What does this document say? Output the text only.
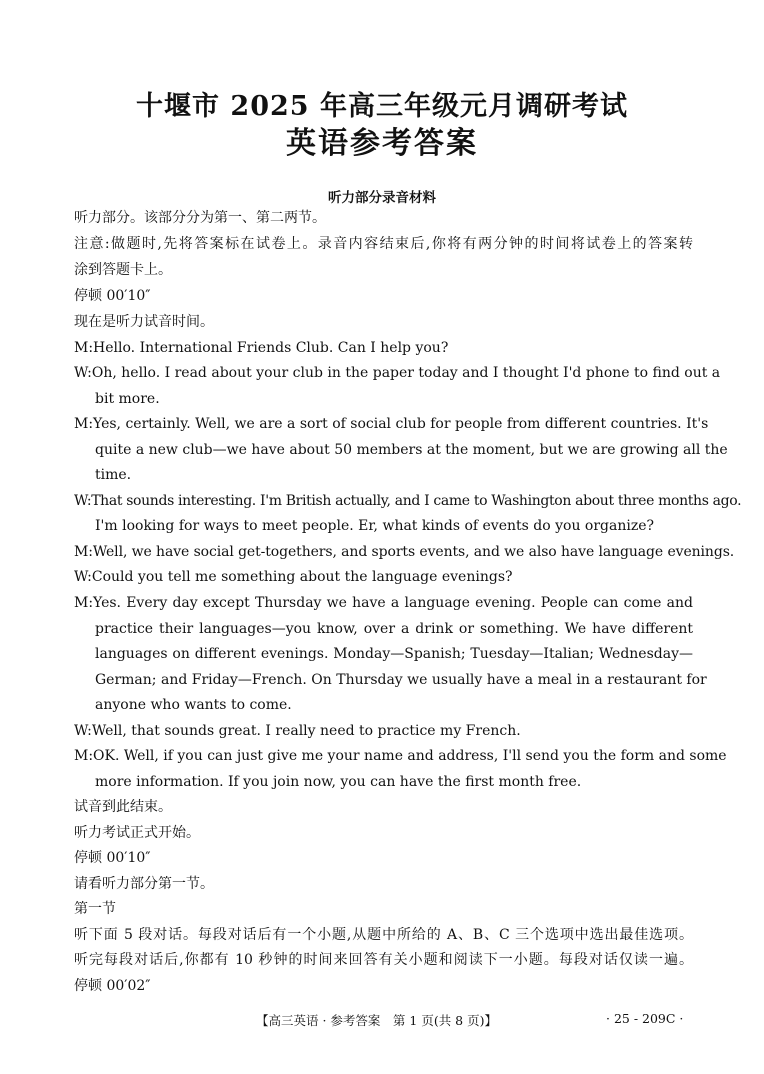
十堰市 2025 年高三年级元月调研考试
英语参考答案
听力部分录音材料
听力部分。该部分分为第一、第二两节。
注意:做题时,先将答案标在试卷上。录音内容结束后,你将有两分钟的时间将试卷上的答案转
涂到答题卡上。
停顿 00′10″
现在是听力试音时间。
M:Hello. International Friends Club. Can I help you?
W:Oh, hello. I read about your club in the paper today and I thought I'd phone to find out a
bit more.
M:Yes, certainly. Well, we are a sort of social club for people from different countries. It's
quite a new club—we have about 50 members at the moment, but we are growing all the
time.
W:That sounds interesting. I'm British actually, and I came to Washington about three months ago.
I'm looking for ways to meet people. Er, what kinds of events do you organize?
M:Well, we have social get-togethers, and sports events, and we also have language evenings.
W:Could you tell me something about the language evenings?
M:Yes. Every day except Thursday we have a language evening. People can come and
practice their languages—you know, over a drink or something. We have different
languages on different evenings. Monday—Spanish; Tuesday—Italian; Wednesday—
German; and Friday—French. On Thursday we usually have a meal in a restaurant for
anyone who wants to come.
W:Well, that sounds great. I really need to practice my French.
M:OK. Well, if you can just give me your name and address, I'll send you the form and some
more information. If you join now, you can have the first month free.
试音到此结束。
听力考试正式开始。
停顿 00′10″
请看听力部分第一节。
第一节
听下面 5 段对话。每段对话后有一个小题,从题中所给的 A、B、C 三个选项中选出最佳选项。
听完每段对话后,你都有 10 秒钟的时间来回答有关小题和阅读下一小题。每段对话仅读一遍。
停顿 00′02″
【高三英语 · 参考答案　第 1 页(共 8 页)】	· 25 - 209C ·
